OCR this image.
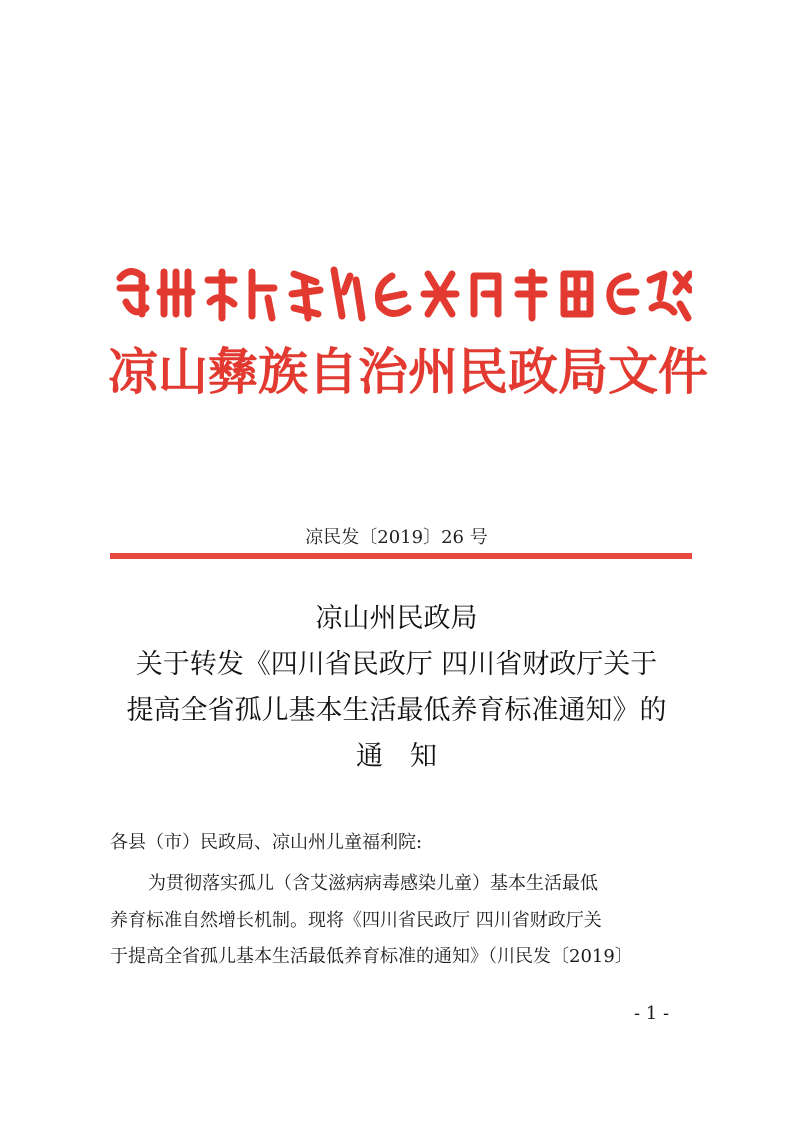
凉山彝族自治州民政局文件
凉民发〔2019〕26 号
凉山州民政局
关于转发《四川省民政厅 四川省财政厅关于
提高全省孤儿基本生活最低养育标准通知》的
通　知
各县（市）民政局、凉山州儿童福利院:

为贯彻落实孤儿（含艾滋病病毒感染儿童）基本生活最低
养育标准自然增长机制。现将《四川省民政厅 四川省财政厅关
于提高全省孤儿基本生活最低养育标准的通知》（川民发〔2019〕

- 1 -
